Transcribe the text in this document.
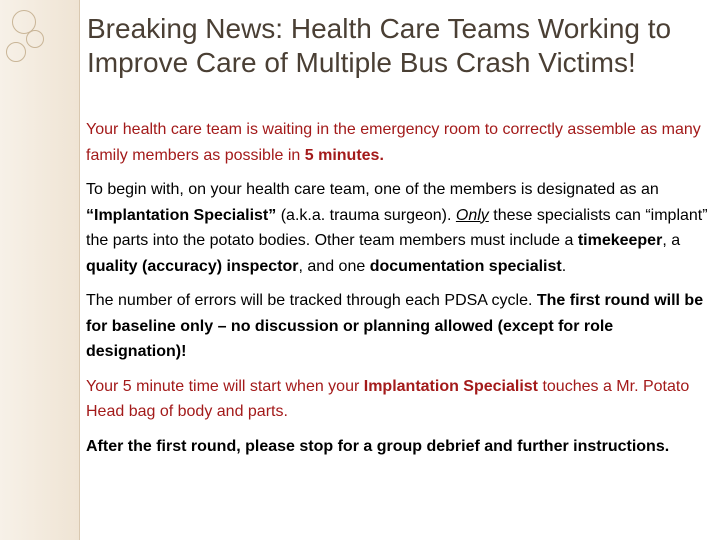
Breaking News: Health Care Teams Working to Improve Care of Multiple Bus Crash Victims!

Your health care team is waiting in the emergency room to correctly assemble as many family members as possible in 5 minutes.

To begin with, on your health care team, one of the members is designated as an “Implantation Specialist” (a.k.a. trauma surgeon). Only these specialists can “implant” the parts into the potato bodies. Other team members must include a timekeeper, a quality (accuracy) inspector, and one documentation specialist.

The number of errors will be tracked through each PDSA cycle. The first round will be for baseline only – no discussion or planning allowed (except for role designation)!

Your 5 minute time will start when your Implantation Specialist touches a Mr. Potato Head bag of body and parts.

After the first round, please stop for a group debrief and further instructions.
